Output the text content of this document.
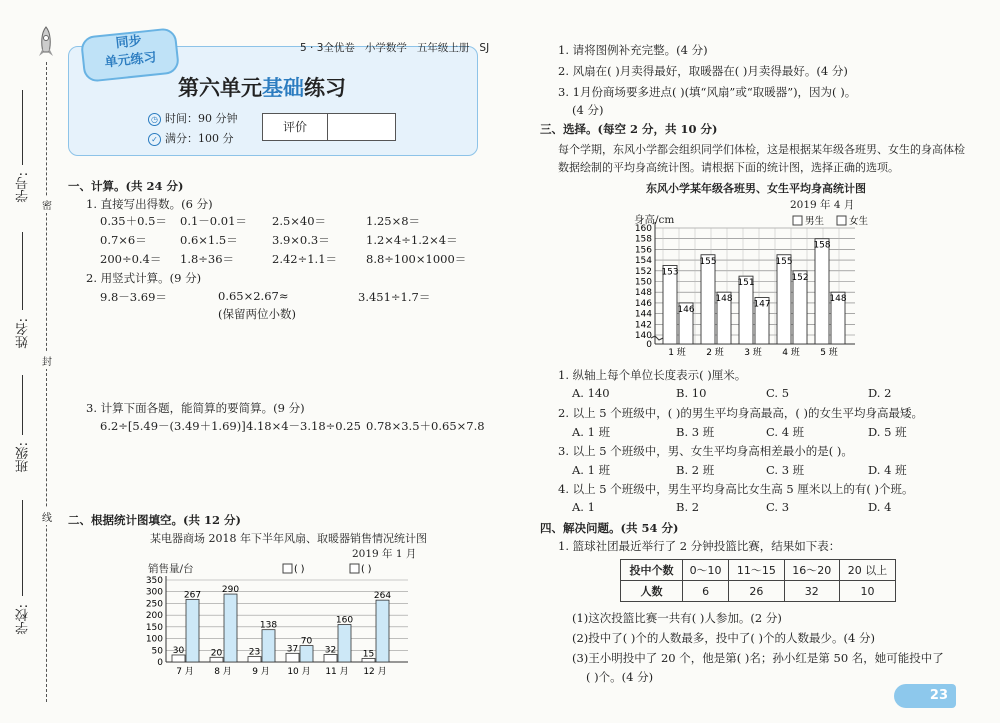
密
封
线
学号:
姓名:
班级:
学校:
同步
单元练习
5 · 3全优卷 小学数学 五年级上册 SJ
第六单元基础练习
◷ 时间：90 分钟
✓ 满分：100 分
评价
一、计算。(共 24 分)
1. 直接写出得数。(6 分)
0.35＋0.5＝ 0.1－0.01＝ 2.5×40＝	1.25×8＝
0.7×6＝	0.6×1.5＝	3.9×0.3＝	1.2×4÷1.2×4＝
200÷0.4＝ 1.8÷36＝	2.42÷1.1＝	8.8÷100×1000＝
2. 用竖式计算。(9 分)
9.8－3.69＝	0.65×2.67≈	3.451÷1.7＝
(保留两位小数)
3. 计算下面各题，能简算的要简算。(9 分)
6.2÷[5.49－(3.49＋1.69)] 4.18×4－3.18÷0.25 0.78×3.5＋0.65×7.8
二、根据统计图填空。(共 12 分)
某电器商场 2018 年下半年风扇、取暖器销售情况统计图
2019 年 1 月
销售量/台	( )	( )
0
50
100
150
200
250
300
350
30
267
7 月
20
290
8 月
23
138
9 月
37
70
10 月
32
160
11 月
15
264
12 月
1. 请将图例补充完整。(4 分)
2. 风扇在( )月卖得最好，取暖器在( )月卖得最好。(4 分)
3. 1月份商场要多进点( )(填“风扇”或“取暖器”)，因为( )。
(4 分)
三、选择。(每空 2 分，共 10 分)
每个学期，东风小学都会组织同学们体检，这是根据某年级各班男、女生的身高体检
数据绘制的平均身高统计图。请根据下面的统计图，选择正确的选项。
东风小学某年级各班男、女生平均身高统计图
2019 年 4 月
身高/cm	男生	女生
0
140
142
144
146
148
150
152
154
156
158
160
153
146
1 班
155
148
2 班
151
147
3 班
155
152
4 班
158
148
5 班
1. 纵轴上每个单位长度表示( )厘米。
A. 140	B. 10	C. 5	D. 2
2. 以上 5 个班级中，( )的男生平均身高最高，( )的女生平均身高最矮。
A. 1 班	B. 3 班	C. 4 班	D. 5 班
3. 以上 5 个班级中，男、女生平均身高相差最小的是( )。
A. 1 班	B. 2 班	C. 3 班	D. 4 班
4. 以上 5 个班级中，男生平均身高比女生高 5 厘米以上的有( )个班。
A. 1	B. 2	C. 3	D. 4
四、解决问题。(共 54 分)
1. 篮球社团最近举行了 2 分钟投篮比赛，结果如下表：
投中个数	0～10	11～15	16～20	20 以上
人数	6	26	32	10
(1)这次投篮比赛一共有( )人参加。(2 分)
(2)投中了( )个的人数最多，投中了( )个的人数最少。(4 分)
(3)王小明投中了 20 个，他是第( )名；孙小红是第 50 名，她可能投中了
( )个。(4 分)
23
